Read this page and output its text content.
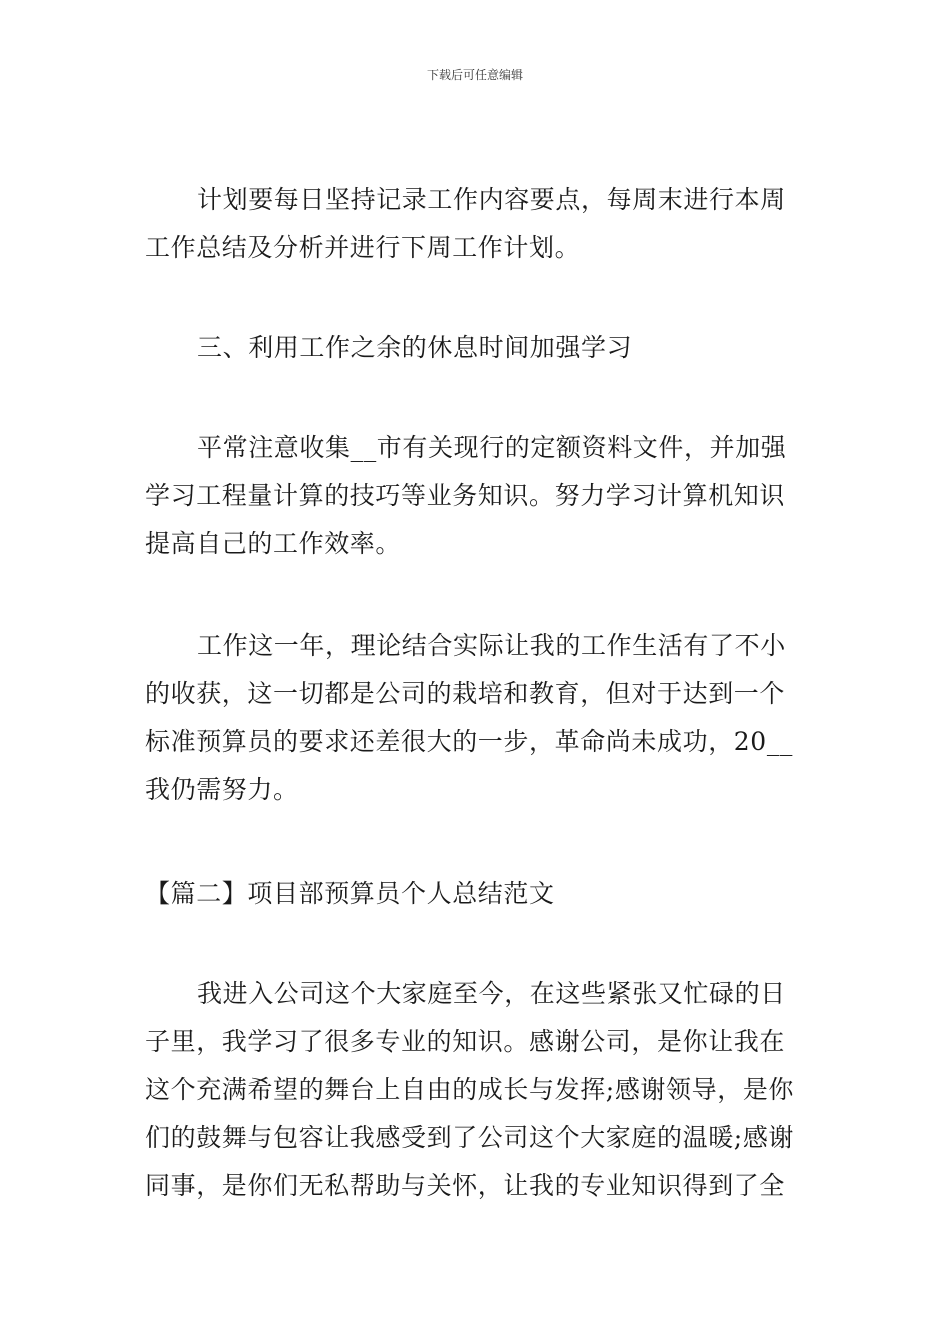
下载后可任意编辑
计划要每日坚持记录工作内容要点，每周末进行本周
工作总结及分析并进行下周工作计划。
三、利用工作之余的休息时间加强学习
平常注意收集__市有关现行的定额资料文件，并加强
学习工程量计算的技巧等业务知识。努力学习计算机知识
提高自己的工作效率。
工作这一年，理论结合实际让我的工作生活有了不小
的收获，这一切都是公司的栽培和教育，但对于达到一个
标准预算员的要求还差很大的一步，革命尚未成功，20__
我仍需努力。
【篇二】项目部预算员个人总结范文
我进入公司这个大家庭至今，在这些紧张又忙碌的日
子里，我学习了很多专业的知识。感谢公司，是你让我在
这个充满希望的舞台上自由的成长与发挥;感谢领导，是你
们的鼓舞与包容让我感受到了公司这个大家庭的温暖;感谢
同事，是你们无私帮助与关怀，让我的专业知识得到了全
